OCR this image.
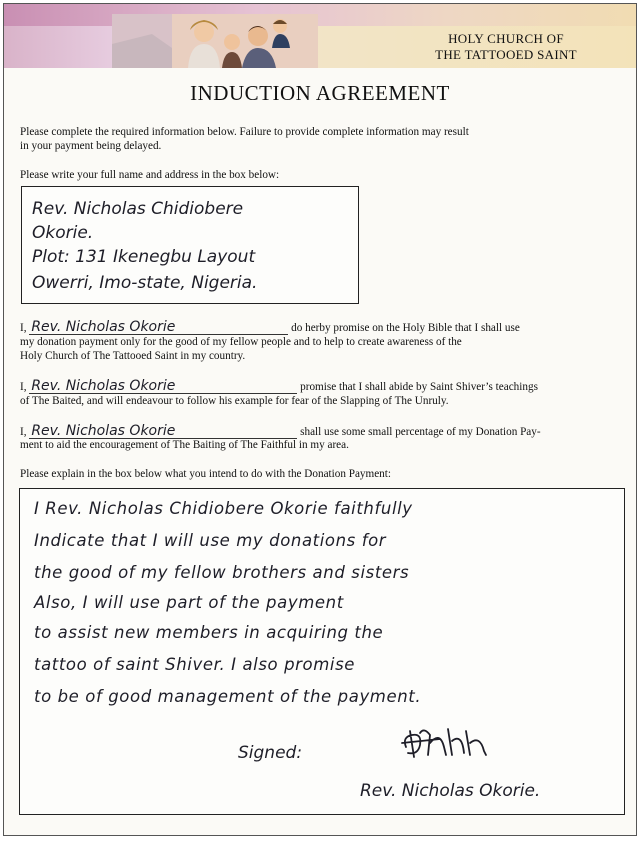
HOLY CHURCH OF
THE TATTOOED SAINT
INDUCTION AGREEMENT
Please complete the required information below. Failure to provide complete information may result
in your payment being delayed.
Please write your full name and address in the box below:
Rev. Nicholas Chidiobere
Okorie.
Plot: 131 Ikenegbu Layout
Owerri, Imo-state, Nigeria.
I, Rev. Nicholas Okorie	do herby promise on the Holy Bible that I shall use
my donation payment only for the good of my fellow people and to help to create awareness of the
Holy Church of The Tattooed Saint in my country.
I, Rev. Nicholas Okorie	promise that I shall abide by Saint Shiver’s teachings
of The Baited, and will endeavour to follow his example for fear of the Slapping of The Unruly.
I, Rev. Nicholas Okorie	shall use some small percentage of my Donation Pay-
ment to aid the encouragement of The Baiting of The Faithful in my area.
Please explain in the box below what you intend to do with the Donation Payment:
I Rev. Nicholas Chidiobere Okorie faithfully
Indicate that I will use my donations for
the good of my fellow brothers and sisters
Also, I will use part of the payment
to assist new members in acquiring the
tattoo of saint Shiver. I also promise
to be of good management of the payment.
Signed:
Rev. Nicholas Okorie.
